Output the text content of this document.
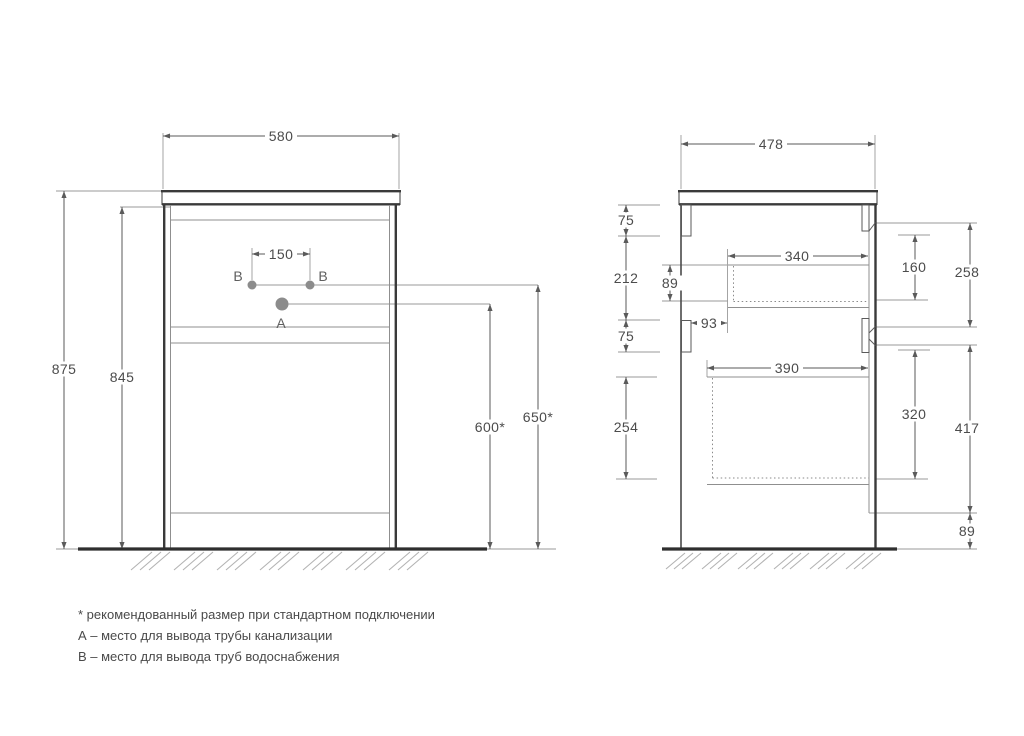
В	В
А
580
875 845
150
600*
650*
478
75
212 89
75
254
93
340
390
160 258
320
417
89
* рекомендованный размер при стандартном подключении
А – место для вывода трубы канализации
В – место для вывода труб водоснабжения
